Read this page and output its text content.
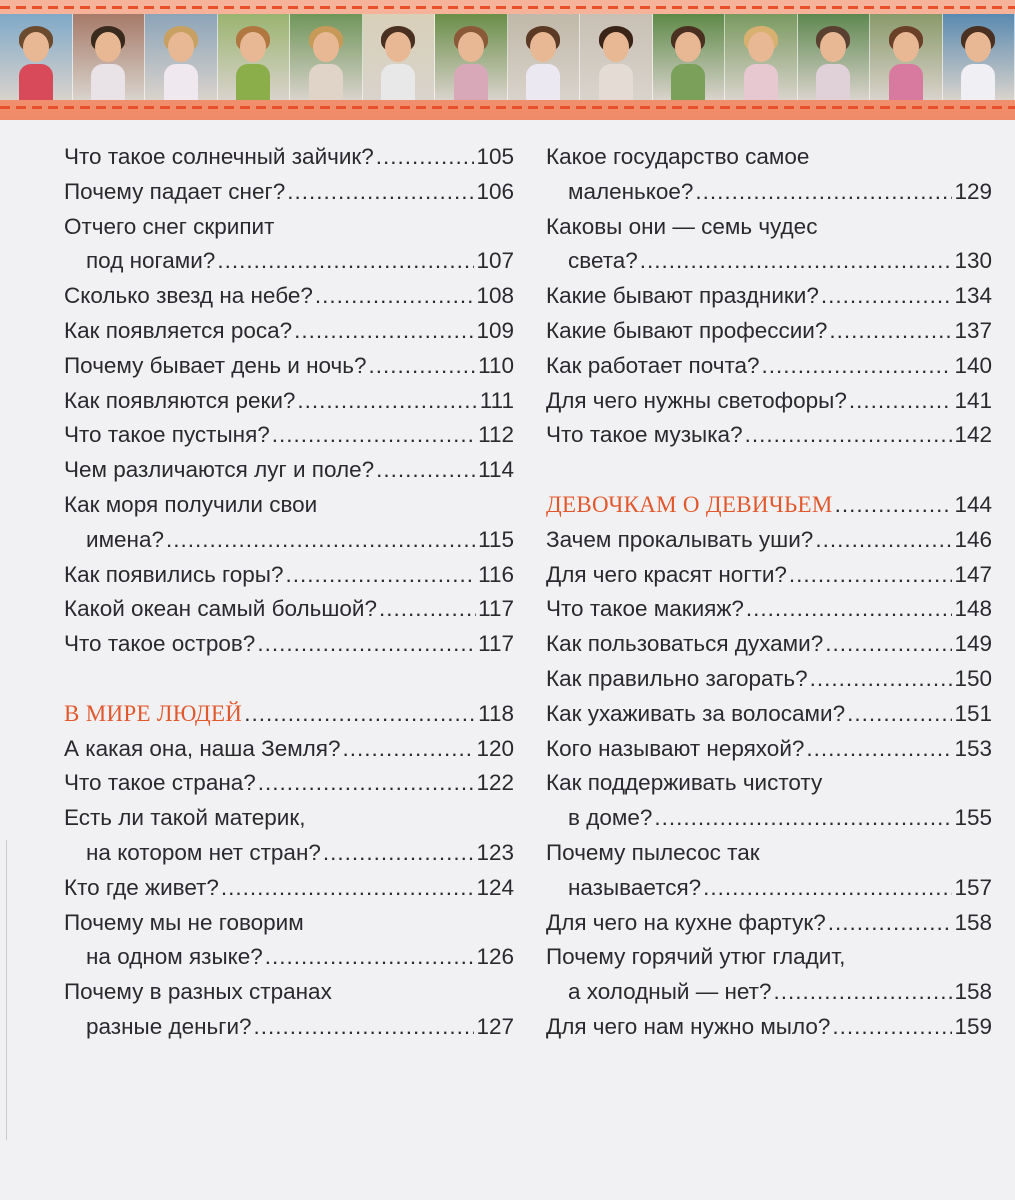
Что такое солнечный зайчик? .....	105
Почему падает снег? .....	106
Отчего снег скрипит
под ногами? .....	107
Сколько звезд на небе? .....	108
Как появляется роса? .....	109
Почему бывает день и ночь? .....	110
Как появляются реки? .....	111
Что такое пустыня? .....	112
Чем различаются луг и поле? .....	114
Как моря получили свои
имена? .....	115
Как появились горы? .....	116
Какой океан самый большой? .....	117
Что такое остров? .....	117
В МИРЕ ЛЮДЕЙ .....	118
А какая она, наша Земля? .....	120
Что такое страна? .....	122
Есть ли такой материк,
на котором нет стран? .....	123
Кто где живет? .....	124
Почему мы не говорим
на одном языке? .....	126
Почему в разных странах
разные деньги? .....	127
Какое государство самое
маленькое? .....	129
Каковы они — семь чудес
света? .....	130
Какие бывают праздники? .....	134
Какие бывают профессии? .....	137
Как работает почта? .....	140
Для чего нужны светофоры? .....	141
Что такое музыка? .....	142
ДЕВОЧКАМ О ДЕВИЧЬЕМ .....	144
Зачем прокалывать уши? .....	146
Для чего красят ногти? .....	147
Что такое макияж? .....	148
Как пользоваться духами? .....	149
Как правильно загорать? .....	150
Как ухаживать за волосами? .....	151
Кого называют неряхой? .....	153
Как поддерживать чистоту
в доме? .....	155
Почему пылесос так
называется? .....	157
Для чего на кухне фартук? .....	158
Почему горячий утюг гладит,
а холодный — нет? .....	158
Для чего нам нужно мыло? .....	159
